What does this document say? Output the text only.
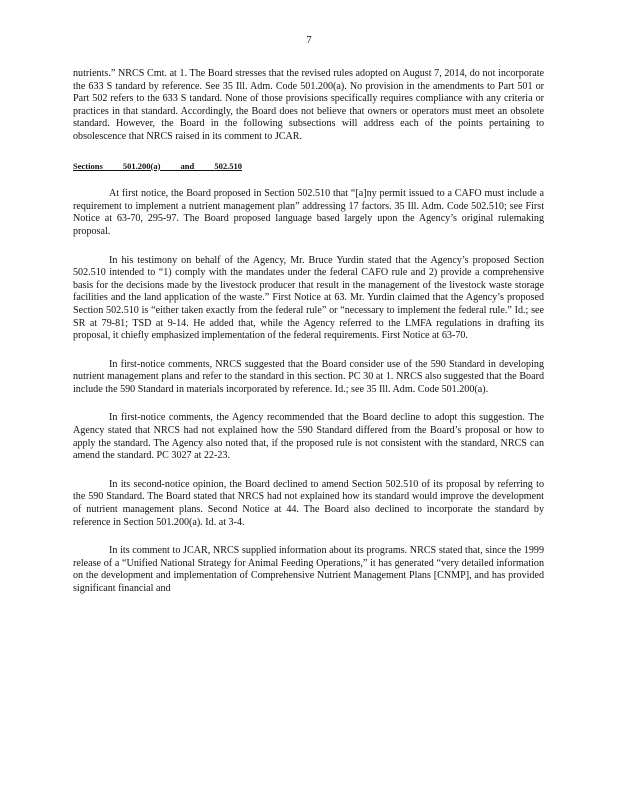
7

nutrients.” NRCS Cmt. at 1. The Board stresses that the revised rules adopted on August 7, 2014, do not incorporate the 633 S tandard by reference. See 35 Ill. Adm. Code 501.200(a). No provision in the amendments to Part 501 or Part 502 refers to the 633 S tandard. None of those provisions specifically requires compliance with any criteria or practices in that standard. Accordingly, the Board does not believe that owners or operators must meet an obsolete standard. However, the Board in the following subsections will address each of the points pertaining to obsolescence that NRCS raised in its comment to JCAR.

Sections 501.200(a) and 502.510

At first notice, the Board proposed in Section 502.510 that “[a]ny permit issued to a CAFO must include a requirement to implement a nutrient management plan” addressing 17 factors. 35 Ill. Adm. Code 502.510; see First Notice at 63-70, 295-97. The Board proposed language based largely upon the Agency’s original rulemaking proposal.

In his testimony on behalf of the Agency, Mr. Bruce Yurdin stated that the Agency’s proposed Section 502.510 intended to “1) comply with the mandates under the federal CAFO rule and 2) provide a comprehensive basis for the decisions made by the livestock producer that result in the management of the livestock waste storage facilities and the land application of the waste.” First Notice at 63. Mr. Yurdin claimed that the Agency’s proposed Section 502.510 is “either taken exactly from the federal rule” or “necessary to implement the federal rule.” Id.; see SR at 79-81; TSD at 9-14. He added that, while the Agency referred to the LMFA regulations in drafting its proposal, it chiefly emphasized implementation of the federal requirements. First Notice at 63-70.

In first-notice comments, NRCS suggested that the Board consider use of the 590 Standard in developing nutrient management plans and refer to the standard in this section. PC 30 at 1. NRCS also suggested that the Board include the 590 Standard in materials incorporated by reference. Id.; see 35 Ill. Adm. Code 501.200(a).

In first-notice comments, the Agency recommended that the Board decline to adopt this suggestion. The Agency stated that NRCS had not explained how the 590 Standard differed from the Board’s proposal or how to apply the standard. The Agency also noted that, if the proposed rule is not consistent with the standard, NRCS can amend the standard. PC 3027 at 22-23.

In its second-notice opinion, the Board declined to amend Section 502.510 of its proposal by referring to the 590 Standard. The Board stated that NRCS had not explained how its standard would improve the development of nutrient management plans. Second Notice at 44. The Board also declined to incorporate the standard by reference in Section 501.200(a). Id. at 3-4.

In its comment to JCAR, NRCS supplied information about its programs. NRCS stated that, since the 1999 release of a “Unified National Strategy for Animal Feeding Operations,” it has generated “very detailed information on the development and implementation of Comprehensive Nutrient Management Plans [CNMP], and has provided significant financial and
